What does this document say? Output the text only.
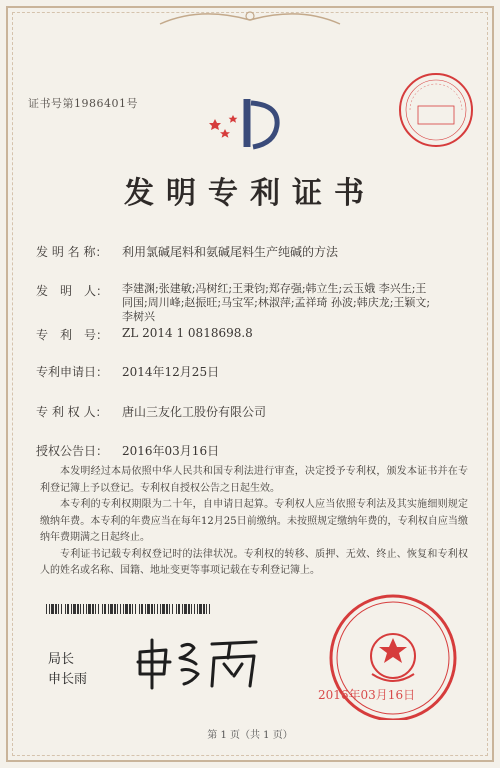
证书号第1986401号
发明专利证书
发 明 名 称： 利用氯碱尾料和氨碱尾料生产纯碱的方法
发　明　人： 李建渊;张建敏;冯树红;王秉钧;郑存强;韩立生;云玉娥 李兴生;王同国;周川峰;赵振旺;马宝军;林淑萍;孟祥琦 孙波;韩庆龙;王颖文;李树兴
专　利　号： ZL 2014 1 0818698.8
专利申请日： 2014年12月25日
专 利 权 人： 唐山三友化工股份有限公司
授权公告日： 2016年03月16日

本发明经过本局依照中华人民共和国专利法进行审查，决定授予专利权，颁发本证书并在专利登记簿上予以登记。专利权自授权公告之日起生效。

本专利的专利权期限为二十年，自申请日起算。专利权人应当依照专利法及其实施细则规定缴纳年费。本专利的年费应当在每年12月25日前缴纳。未按照规定缴纳年费的，专利权自应当缴纳年费期满之日起终止。

专利证书记载专利权登记时的法律状况。专利权的转移、质押、无效、终止、恢复和专利权人的姓名或名称、国籍、地址变更等事项记载在专利登记簿上。

局长
申长雨
2016年03月16日
第 1 页（共 1 页）
